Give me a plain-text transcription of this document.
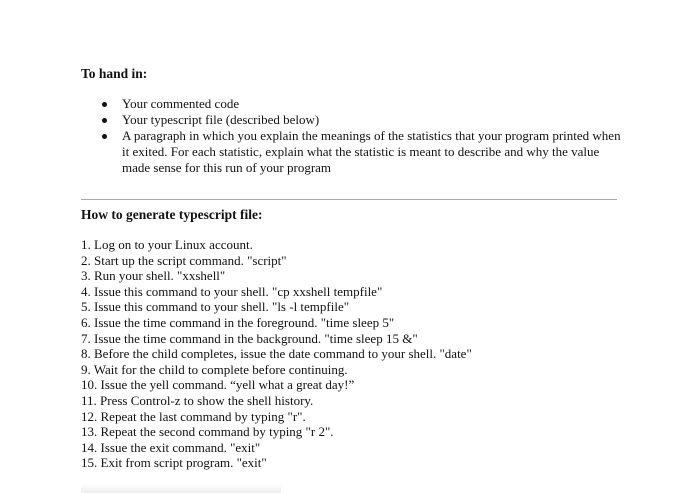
To hand in:
Your commented code
Your typescript file (described below)
A paragraph in which you explain the meanings of the statistics that your program printed when it exited. For each statistic, explain what the statistic is meant to describe and why the value made sense for this run of your program
How to generate typescript file:
1. Log on to your Linux account.
2. Start up the script command. "script"
3. Run your shell. "xxshell"
4. Issue this command to your shell. "cp xxshell tempfile"
5. Issue this command to your shell. "ls -l tempfile"
6. Issue the time command in the foreground. "time sleep 5"
7. Issue the time command in the background. "time sleep 15 &"
8. Before the child completes, issue the date command to your shell. "date"
9. Wait for the child to complete before continuing.
10. Issue the yell command. “yell what a great day!”
11. Press Control-z to show the shell history.
12. Repeat the last command by typing "r".
13. Repeat the second command by typing "r 2".
14. Issue the exit command. "exit"
15. Exit from script program. "exit"
